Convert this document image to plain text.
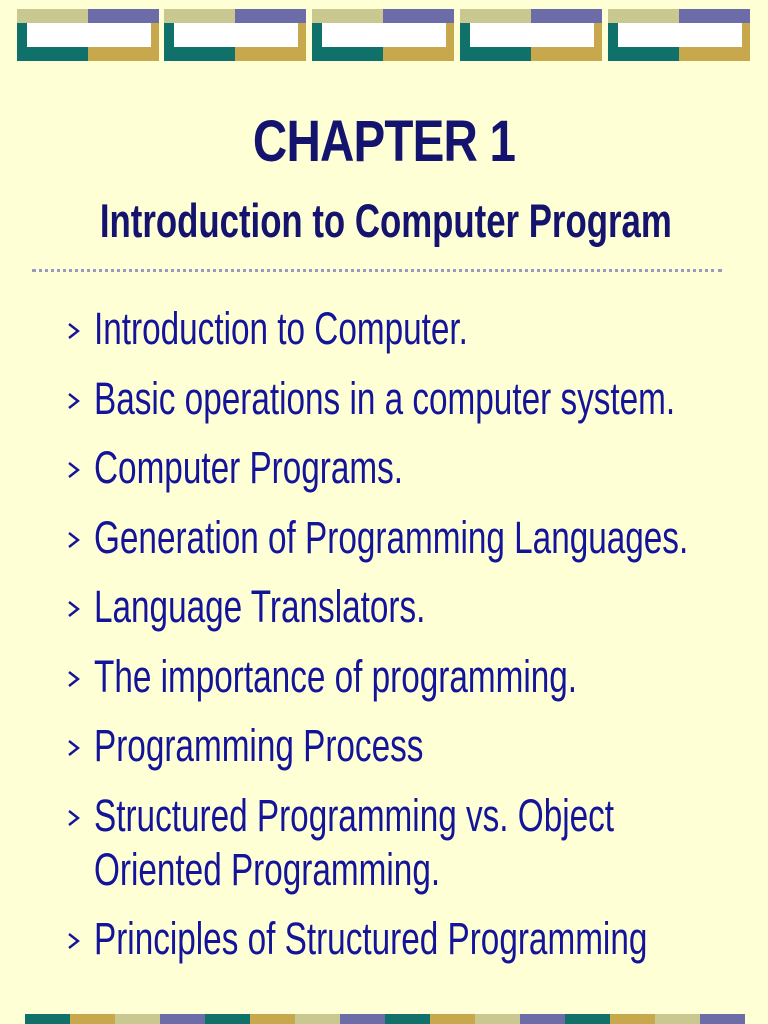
CHAPTER 1
Introduction to Computer Program
Introduction to Computer.
Basic operations in a computer system.
Computer Programs.
Generation of Programming Languages.
Language Translators.
The importance of programming.
Programming Process
Structured Programming vs. Object Oriented Programming.
Principles of Structured Programming
